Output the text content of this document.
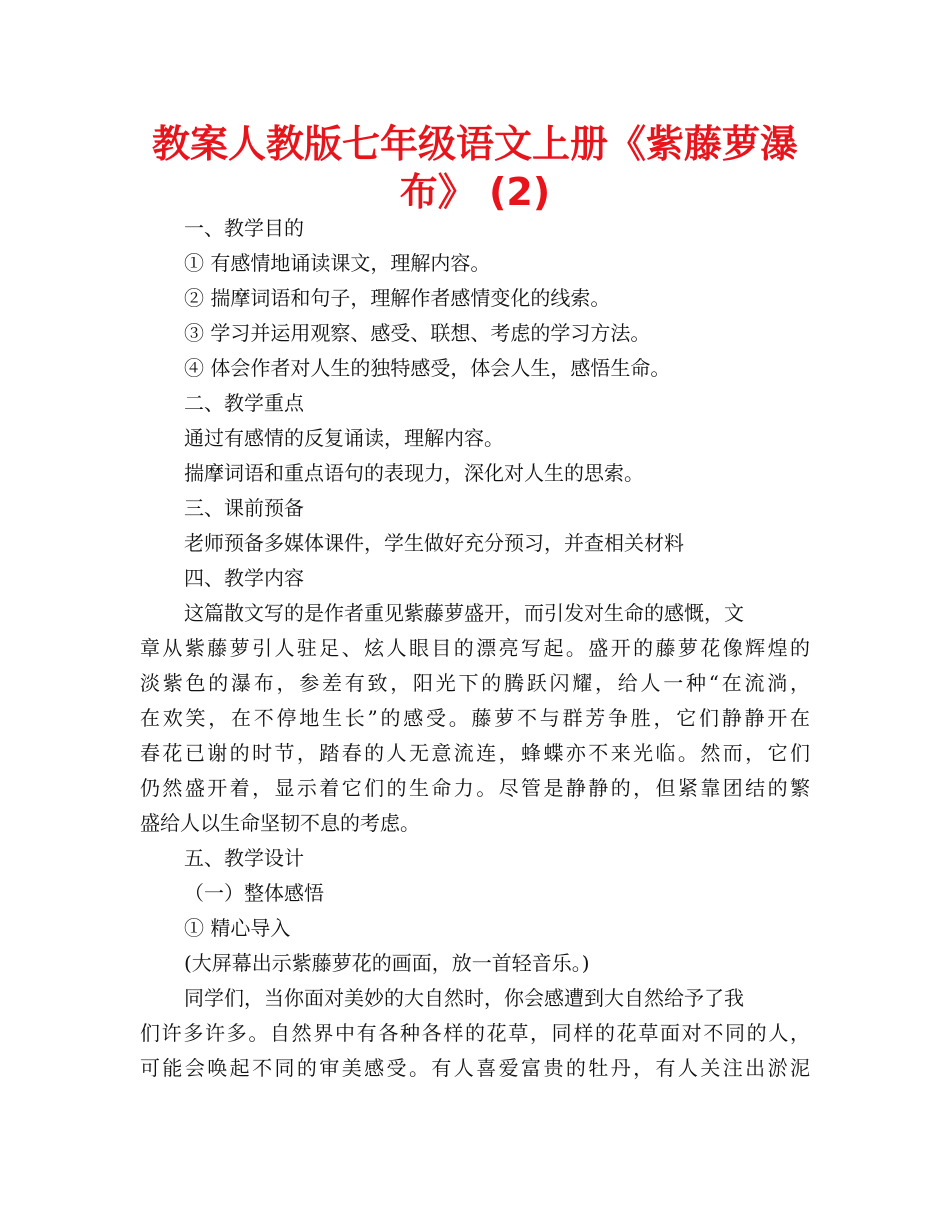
教案人教版七年级语文上册《紫藤萝瀑
布》 (2)

一、教学目的

① 有感情地诵读课文，理解内容。

② 揣摩词语和句子，理解作者感情变化的线索。

③ 学习并运用观察、感受、联想、考虑的学习方法。

④ 体会作者对人生的独特感受，体会人生，感悟生命。

二、教学重点

通过有感情的反复诵读，理解内容。

揣摩词语和重点语句的表现力，深化对人生的思索。

三、课前预备

老师预备多媒体课件，学生做好充分预习，并查相关材料

四、教学内容

这篇散文写的是作者重见紫藤萝盛开，而引发对生命的感慨，文

章从紫藤萝引人驻足、炫人眼目的漂亮写起。盛开的藤萝花像辉煌的

淡紫色的瀑布，参差有致，阳光下的腾跃闪耀，给人一种“在流淌，

在欢笑，在不停地生长”的感受。藤萝不与群芳争胜，它们静静开在

春花已谢的时节，踏春的人无意流连，蜂蝶亦不来光临。然而，它们

仍然盛开着，显示着它们的生命力。尽管是静静的，但紧靠团结的繁

盛给人以生命坚韧不息的考虑。

五、教学设计

（一）整体感悟

① 精心导入

(大屏幕出示紫藤萝花的画面，放一首轻音乐。)

同学们，当你面对美妙的大自然时，你会感遭到大自然给予了我

们许多许多。自然界中有各种各样的花草，同样的花草面对不同的人，

可能会唤起不同的审美感受。有人喜爱富贵的牡丹，有人关注出淤泥
